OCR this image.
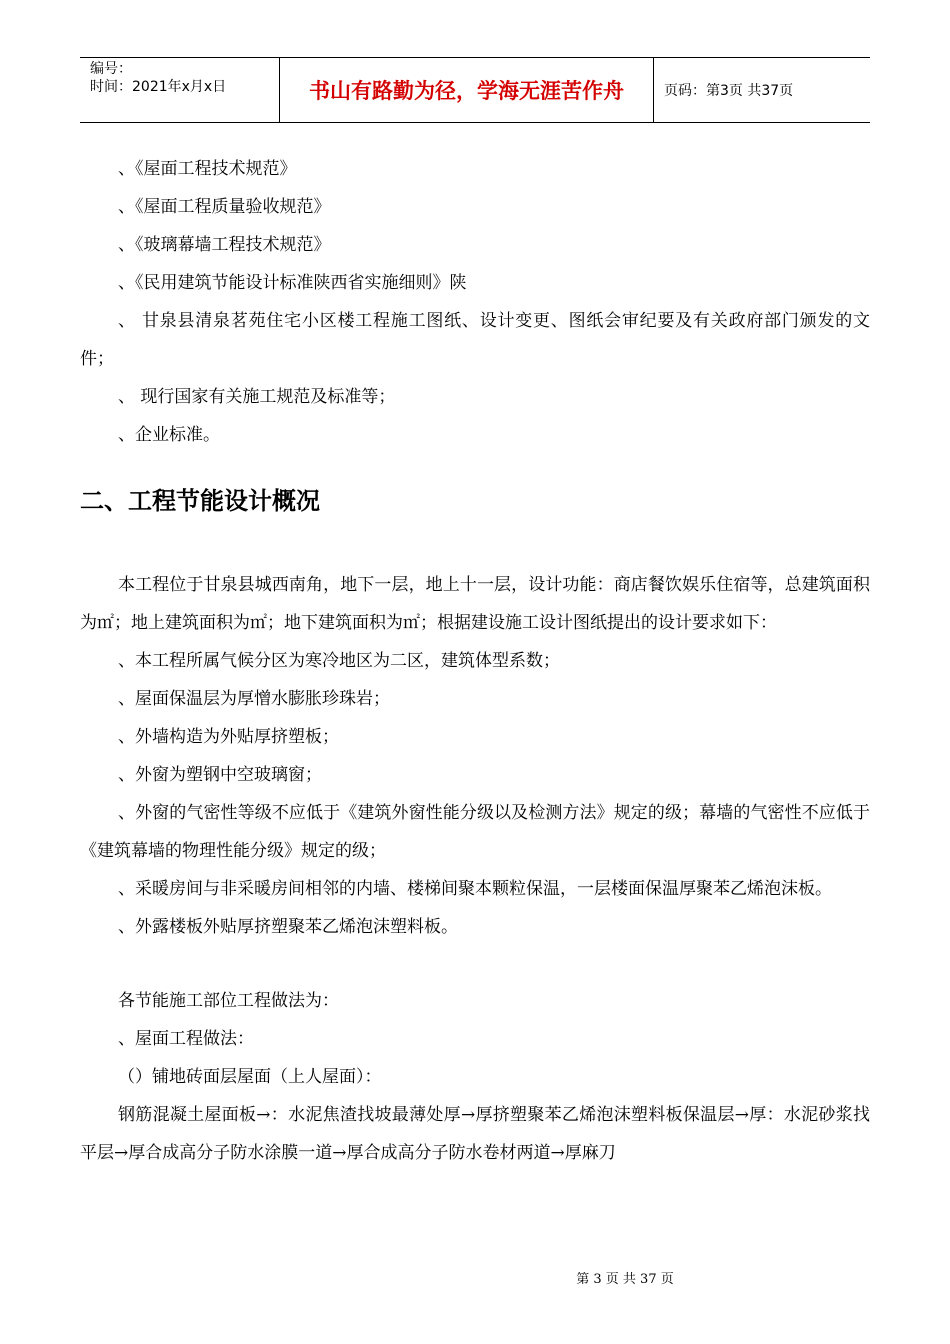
编号：
时间：2021年x月x日	书山有路勤为径，学海无涯苦作舟	页码：第3页 共37页

、《屋面工程技术规范》

、《屋面工程质量验收规范》

、《玻璃幕墙工程技术规范》

、《民用建筑节能设计标准陕西省实施细则》陕

、 甘泉县清泉茗苑住宅小区楼工程施工图纸、设计变更、图纸会审纪要及有关政府部门颁发的文件；

、 现行国家有关施工规范及标准等；

、企业标准。

二、工程节能设计概况

本工程位于甘泉县城西南角，地下一层，地上十一层，设计功能：商店餐饮娱乐住宿等，总建筑面积为㎡；地上建筑面积为㎡；地下建筑面积为㎡；根据建设施工设计图纸提出的设计要求如下：

、本工程所属气候分区为寒冷地区为二区，建筑体型系数；

、屋面保温层为厚憎水膨胀珍珠岩；

、外墙构造为外贴厚挤塑板；

、外窗为塑钢中空玻璃窗；

、外窗的气密性等级不应低于《建筑外窗性能分级以及检测方法》规定的级；幕墙的气密性不应低于《建筑幕墙的物理性能分级》规定的级；

、采暖房间与非采暖房间相邻的内墙、楼梯间聚本颗粒保温，一层楼面保温厚聚苯乙烯泡沫板。

、外露楼板外贴厚挤塑聚苯乙烯泡沫塑料板。

各节能施工部位工程做法为：

、屋面工程做法：

（）铺地砖面层屋面（上人屋面）：

钢筋混凝土屋面板→：水泥焦渣找坡最薄处厚→厚挤塑聚苯乙烯泡沫塑料板保温层→厚：水泥砂浆找平层→厚合成高分子防水涂膜一道→厚合成高分子防水卷材两道→厚麻刀

第 3 页 共 37 页
